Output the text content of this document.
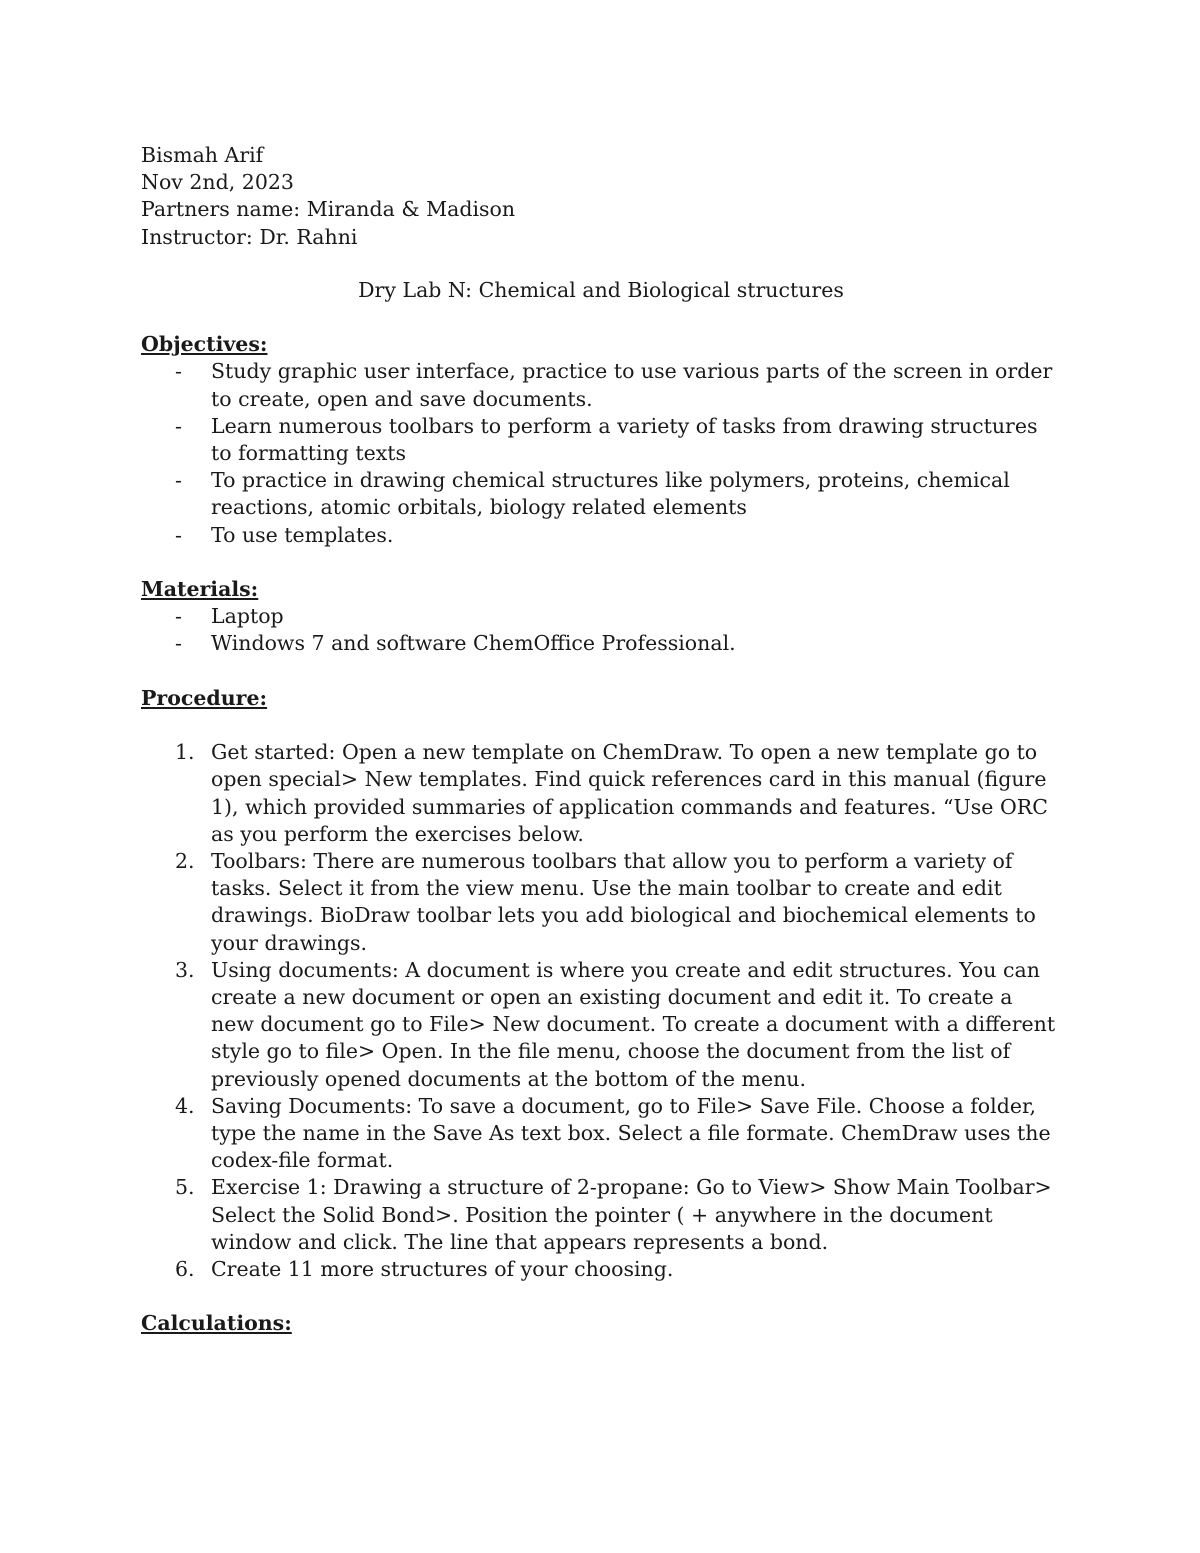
Bismah Arif
Nov 2nd, 2023
Partners name: Miranda & Madison
Instructor: Dr. Rahni
Dry Lab N: Chemical and Biological structures
Objectives:
- Study graphic user interface, practice to use various parts of the screen in order to create, open and save documents.
- Learn numerous toolbars to perform a variety of tasks from drawing structures to formatting texts
- To practice in drawing chemical structures like polymers, proteins, chemical reactions, atomic orbitals, biology related elements
- To use templates.
Materials:
- Laptop
- Windows 7 and software ChemOffice Professional.
Procedure:
1. Get started: Open a new template on ChemDraw. To open a new template go to open special> New templates. Find quick references card in this manual (figure 1), which provided summaries of application commands and features. “Use ORC as you perform the exercises below.
2. Toolbars: There are numerous toolbars that allow you to perform a variety of tasks. Select it from the view menu. Use the main toolbar to create and edit drawings. BioDraw toolbar lets you add biological and biochemical elements to your drawings.
3. Using documents: A document is where you create and edit structures. You can create a new document or open an existing document and edit it. To create a new document go to File> New document. To create a document with a different style go to file> Open. In the file menu, choose the document from the list of previously opened documents at the bottom of the menu.
4. Saving Documents: To save a document, go to File> Save File. Choose a folder, type the name in the Save As text box. Select a file formate. ChemDraw uses the codex-file format.
5. Exercise 1: Drawing a structure of 2-propane: Go to View> Show Main Toolbar> Select the Solid Bond>. Position the pointer ( + anywhere in the document window and click. The line that appears represents a bond.
6. Create 11 more structures of your choosing.
Calculations:
